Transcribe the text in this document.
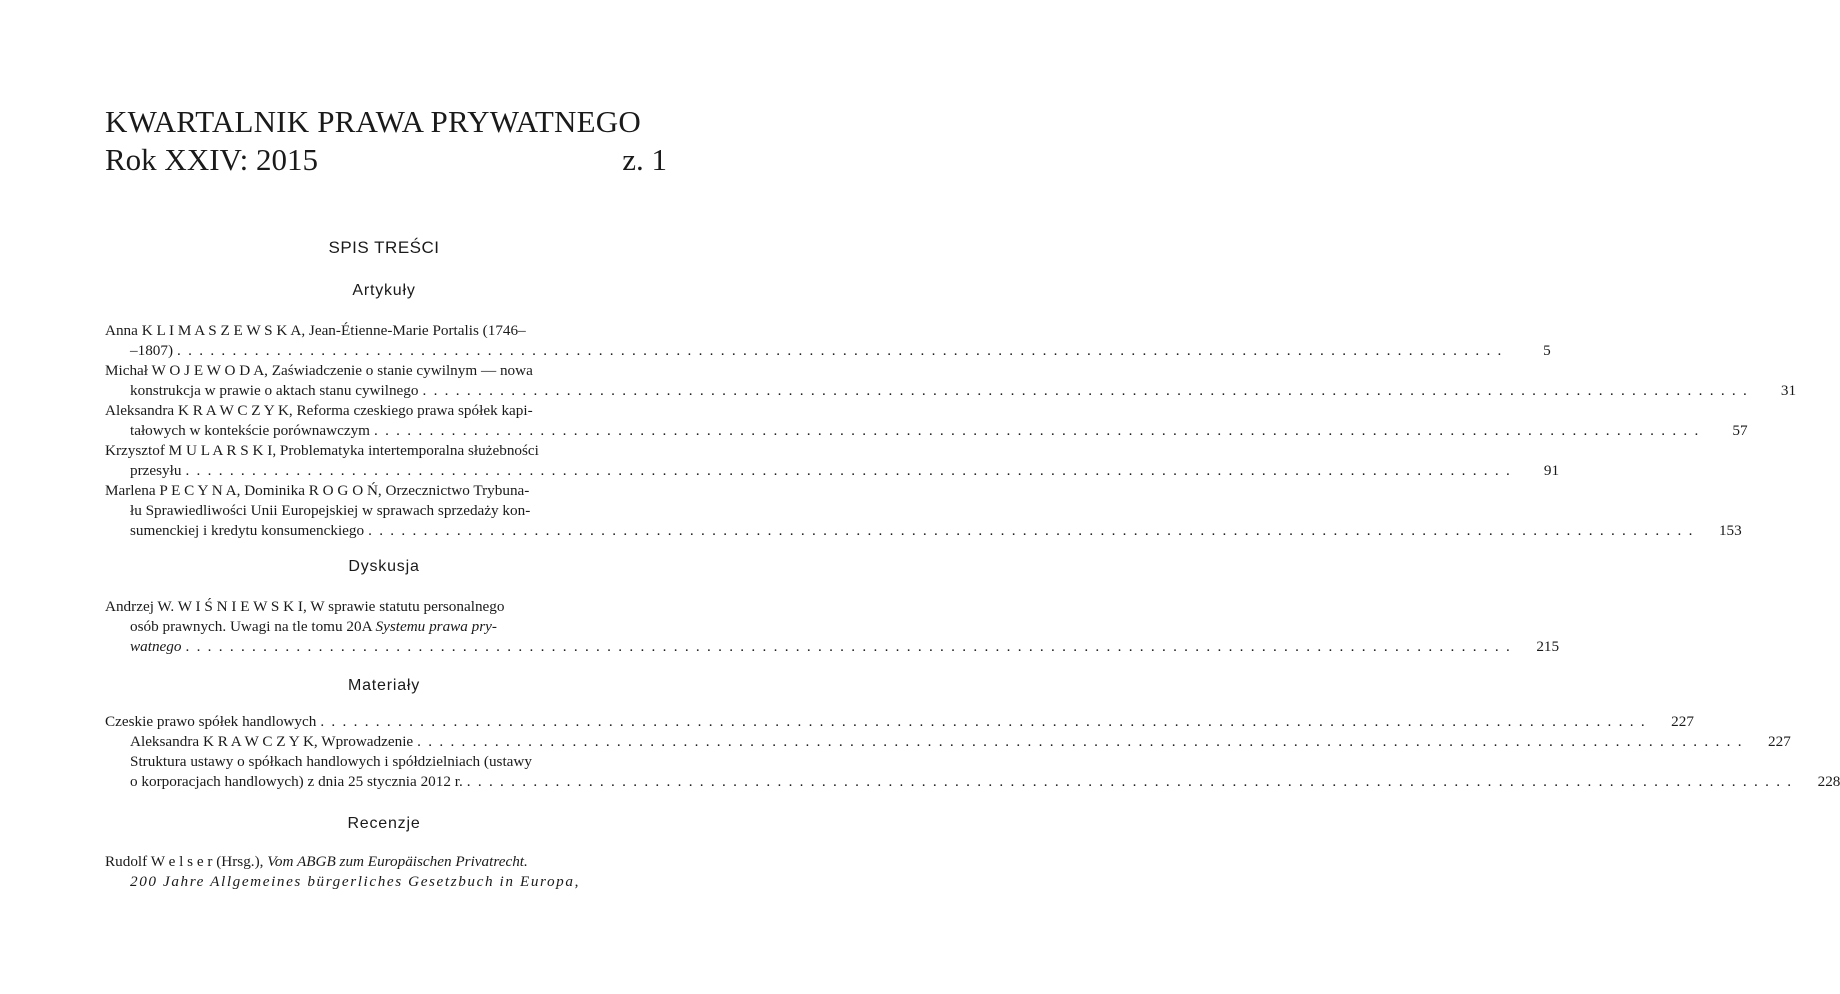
KWARTALNIK PRAWA PRYWATNEGO
Rok XXIV: 2015	z. 1
SPIS TREŚCI
Artykuły
Anna K L I M A S Z E W S K A, Jean-Étienne-Marie Portalis (1746–
–1807) ........................................................................................................................	5
Michał W O J E W O D A, Zaświadczenie o stanie cywilnym — nowa
konstrukcja w prawie o aktach stanu cywilnego ........................................................................................................................	31
Aleksandra K R A W C Z Y K, Reforma czeskiego prawa spółek kapi-
tałowych w kontekście porównawczym ........................................................................................................................	57
Krzysztof M U L A R S K I, Problematyka intertemporalna służebności
przesyłu ........................................................................................................................	91
Marlena P E C Y N A, Dominika R O G O Ń, Orzecznictwo Trybuna-
łu Sprawiedliwości Unii Europejskiej w sprawach sprzedaży kon-
sumenckiej i kredytu konsumenckiego ........................................................................................................................	153
Dyskusja
Andrzej W. W I Ś N I E W S K I, W sprawie statutu personalnego
osób prawnych. Uwagi na tle tomu 20A Systemu prawa pry-
watnego ........................................................................................................................	215
Materiały
Czeskie prawo spółek handlowych ........................................................................................................................	227
Aleksandra K R A W C Z Y K, Wprowadzenie ........................................................................................................................	227
Struktura ustawy o spółkach handlowych i spółdzielniach (ustawy
o korporacjach handlowych) z dnia 25 stycznia 2012 r. ........................................................................................................................	228
Recenzje
Rudolf W e l s e r (Hrsg.), Vom ABGB zum Europäischen Privatrecht.
200 Jahre Allgemeines bürgerliches Gesetzbuch in Europa,
